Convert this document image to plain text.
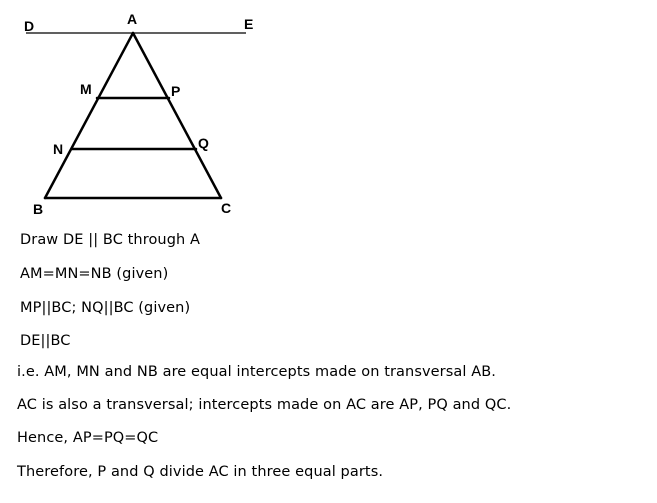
D	A	E
M	P
N	Q
B	C
Draw DE || BC through A
AM=MN=NB (given)
MP||BC; NQ||BC (given)
DE||BC
i.e. AM, MN and NB are equal intercepts made on transversal AB.
AC is also a transversal; intercepts made on AC are AP, PQ and QC.
Hence, AP=PQ=QC
Therefore, P and Q divide AC in three equal parts.
